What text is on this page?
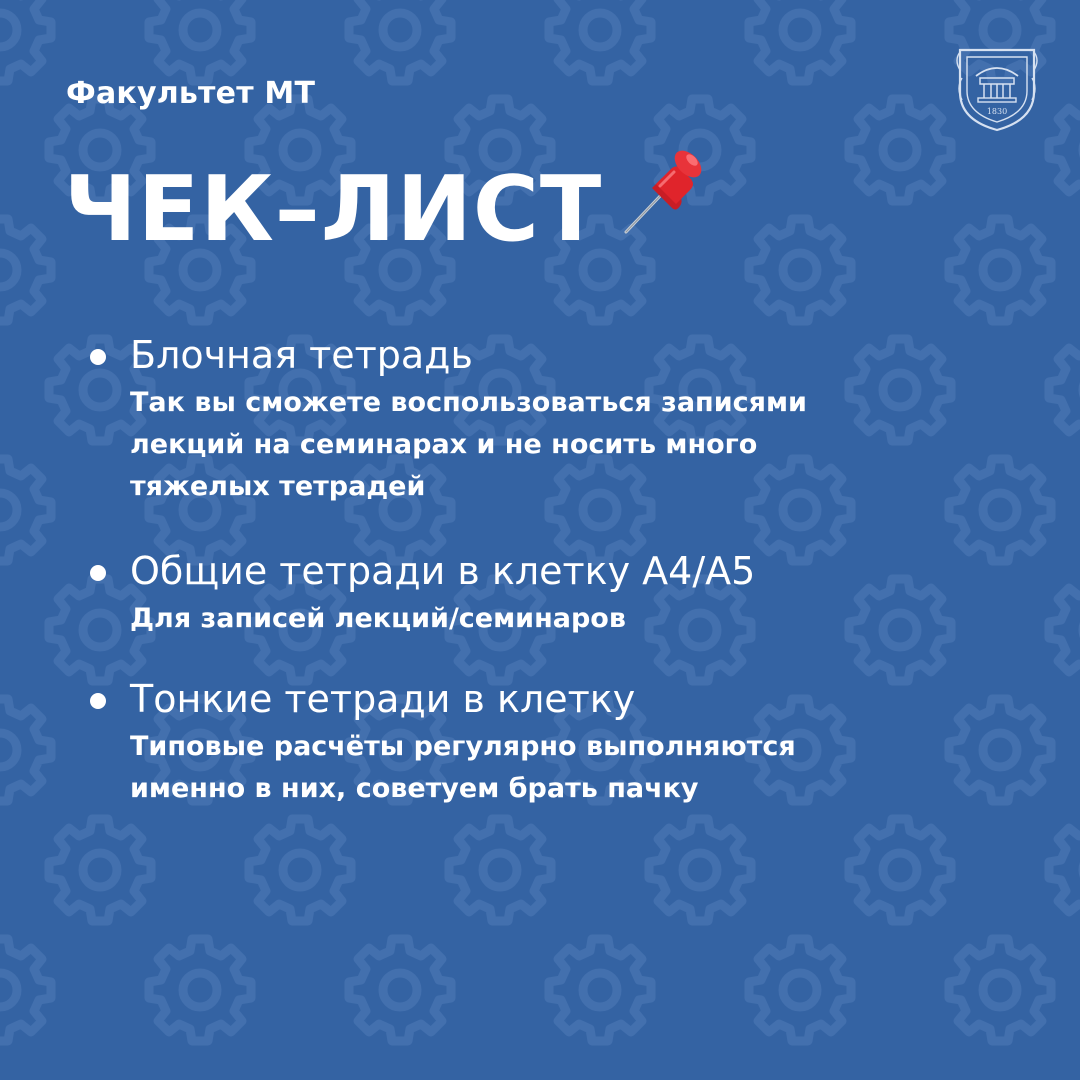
Факультет МТ
1830
ЧЕК–ЛИСТ
Блочная тетрадь
Так вы сможете воспользоваться записями
лекций на семинарах и не носить много
тяжелых тетрадей
Общие тетради в клетку А4/А5
Для записей лекций/семинаров
Тонкие тетради в клетку
Типовые расчёты регулярно выполняются
именно в них, советуем брать пачку
